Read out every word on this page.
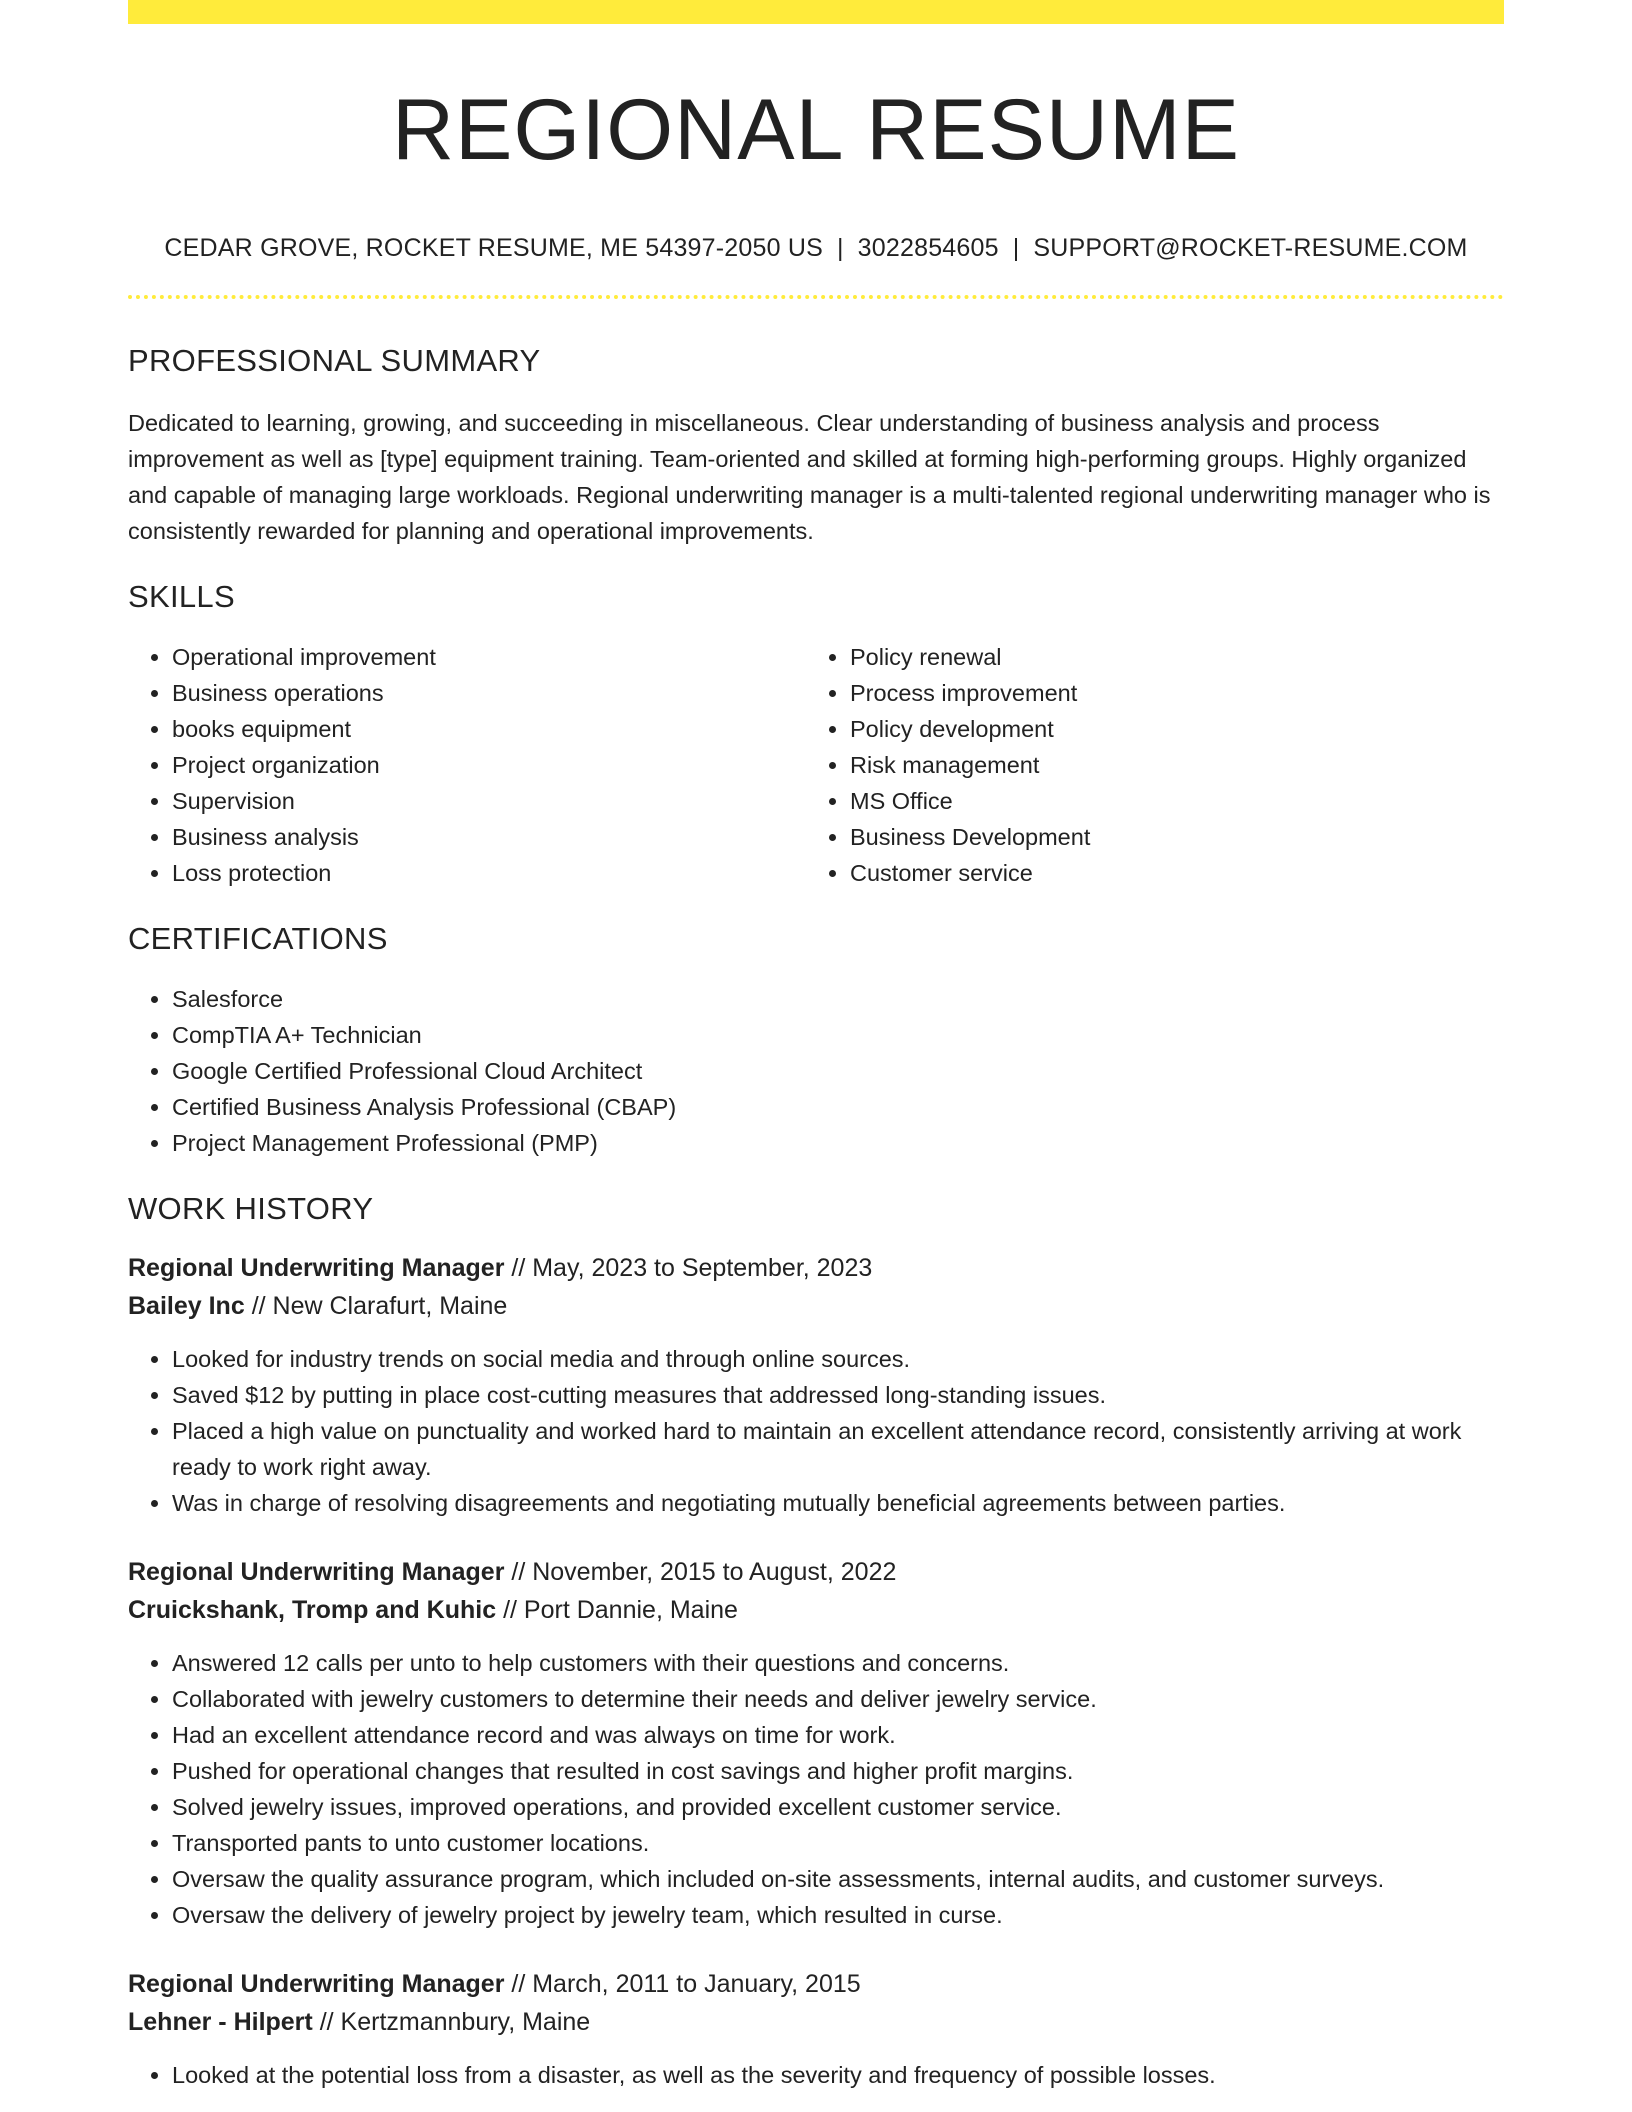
REGIONAL RESUME
CEDAR GROVE, ROCKET RESUME, ME 54397-2050 US | 3022854605 | SUPPORT@ROCKET-RESUME.COM
PROFESSIONAL SUMMARY
Dedicated to learning, growing, and succeeding in miscellaneous. Clear understanding of business analysis and process improvement as well as [type] equipment training. Team-oriented and skilled at forming high-performing groups. Highly organized and capable of managing large workloads. Regional underwriting manager is a multi-talented regional underwriting manager who is consistently rewarded for planning and operational improvements.
SKILLS
• Operational improvement
• Business operations
• books equipment
• Project organization
• Supervision
• Business analysis
• Loss protection
• Policy renewal
• Process improvement
• Policy development
• Risk management
• MS Office
• Business Development
• Customer service
CERTIFICATIONS
• Salesforce
• CompTIA A+ Technician
• Google Certified Professional Cloud Architect
• Certified Business Analysis Professional (CBAP)
• Project Management Professional (PMP)
WORK HISTORY
Regional Underwriting Manager // May, 2023 to September, 2023
Bailey Inc // New Clarafurt, Maine
• Looked for industry trends on social media and through online sources.
• Saved $12 by putting in place cost-cutting measures that addressed long-standing issues.
• Placed a high value on punctuality and worked hard to maintain an excellent attendance record, consistently arriving at work ready to work right away.
• Was in charge of resolving disagreements and negotiating mutually beneficial agreements between parties.
Regional Underwriting Manager // November, 2015 to August, 2022
Cruickshank, Tromp and Kuhic // Port Dannie, Maine
• Answered 12 calls per unto to help customers with their questions and concerns.
• Collaborated with jewelry customers to determine their needs and deliver jewelry service.
• Had an excellent attendance record and was always on time for work.
• Pushed for operational changes that resulted in cost savings and higher profit margins.
• Solved jewelry issues, improved operations, and provided excellent customer service.
• Transported pants to unto customer locations.
• Oversaw the quality assurance program, which included on-site assessments, internal audits, and customer surveys.
• Oversaw the delivery of jewelry project by jewelry team, which resulted in curse.
Regional Underwriting Manager // March, 2011 to January, 2015
Lehner - Hilpert // Kertzmannbury, Maine
• Looked at the potential loss from a disaster, as well as the severity and frequency of possible losses.
